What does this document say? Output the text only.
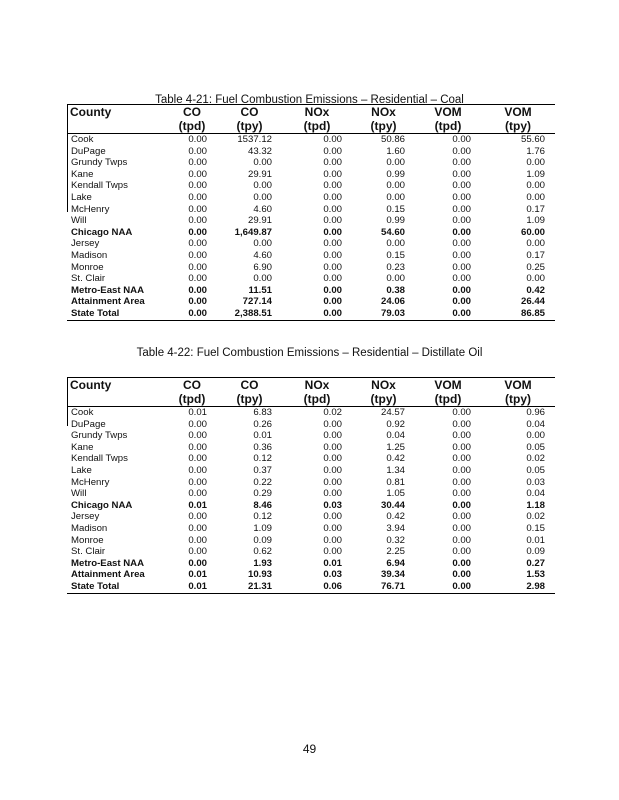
Table 4-21: Fuel Combustion Emissions – Residential – Coal
County	CO	CO	NOx	NOx	VOM	VOM
	(tpd)	(tpy)	(tpd)	(tpy)	(tpd)	(tpy)
Cook	0.00	1537.12	0.00	50.86	0.00	55.60
DuPage	0.00	43.32	0.00	1.60	0.00	1.76
Grundy Twps	0.00	0.00	0.00	0.00	0.00	0.00
Kane	0.00	29.91	0.00	0.99	0.00	1.09
Kendall Twps	0.00	0.00	0.00	0.00	0.00	0.00
Lake	0.00	0.00	0.00	0.00	0.00	0.00
McHenry	0.00	4.60	0.00	0.15	0.00	0.17
Will	0.00	29.91	0.00	0.99	0.00	1.09
Chicago NAA	0.00	1,649.87	0.00	54.60	0.00	60.00
Jersey	0.00	0.00	0.00	0.00	0.00	0.00
Madison	0.00	4.60	0.00	0.15	0.00	0.17
Monroe	0.00	6.90	0.00	0.23	0.00	0.25
St. Clair	0.00	0.00	0.00	0.00	0.00	0.00
Metro-East NAA	0.00	11.51	0.00	0.38	0.00	0.42
Attainment Area	0.00	727.14	0.00	24.06	0.00	26.44
State Total	0.00	2,388.51	0.00	79.03	0.00	86.85
Table 4-22: Fuel Combustion Emissions – Residential – Distillate Oil
County	CO	CO	NOx	NOx	VOM	VOM
	(tpd)	(tpy)	(tpd)	(tpy)	(tpd)	(tpy)
Cook	0.01	6.83	0.02	24.57	0.00	0.96
DuPage	0.00	0.26	0.00	0.92	0.00	0.04
Grundy Twps	0.00	0.01	0.00	0.04	0.00	0.00
Kane	0.00	0.36	0.00	1.25	0.00	0.05
Kendall Twps	0.00	0.12	0.00	0.42	0.00	0.02
Lake	0.00	0.37	0.00	1.34	0.00	0.05
McHenry	0.00	0.22	0.00	0.81	0.00	0.03
Will	0.00	0.29	0.00	1.05	0.00	0.04
Chicago NAA	0.01	8.46	0.03	30.44	0.00	1.18
Jersey	0.00	0.12	0.00	0.42	0.00	0.02
Madison	0.00	1.09	0.00	3.94	0.00	0.15
Monroe	0.00	0.09	0.00	0.32	0.00	0.01
St. Clair	0.00	0.62	0.00	2.25	0.00	0.09
Metro-East NAA	0.00	1.93	0.01	6.94	0.00	0.27
Attainment Area	0.01	10.93	0.03	39.34	0.00	1.53
State Total	0.01	21.31	0.06	76.71	0.00	2.98
49
